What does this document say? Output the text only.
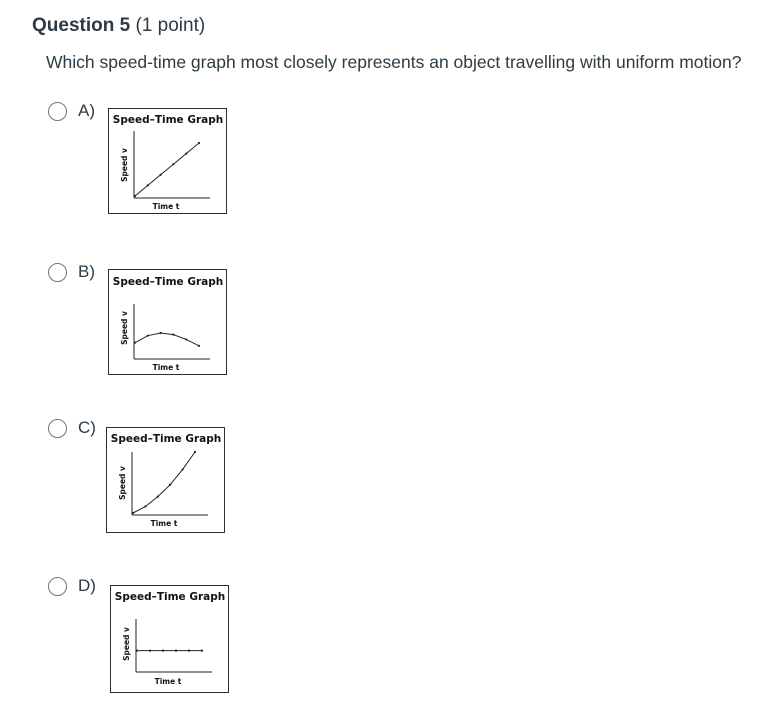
Question 5 (1 point)
Which speed-time graph most closely represents an object travelling with uniform motion?
A) Speed–Time Graph
Speed v
Time t
B)
Speed–Time Graph
Speed v
Time t
C)
Speed–Time Graph
Speed v
Time t
D)
Speed–Time Graph
Speed v
Time t
